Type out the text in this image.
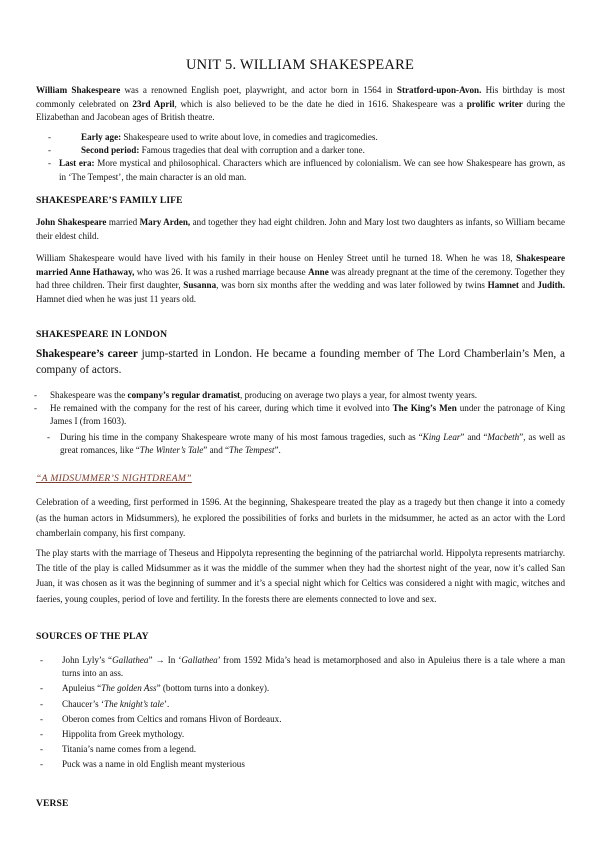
UNIT 5. WILLIAM SHAKESPEARE
William Shakespeare was a renowned English poet, playwright, and actor born in 1564 in Stratford-upon-Avon. His birthday is most commonly celebrated on 23rd April, which is also believed to be the date he died in 1616. Shakespeare was a prolific writer during the Elizabethan and Jacobean ages of British theatre.
-	Early age: Shakespeare used to write about love, in comedies and tragicomedies.
-	Second period: Famous tragedies that deal with corruption and a darker tone.
- Last era: More mystical and philosophical. Characters which are influenced by colonialism. We can see how Shakespeare has grown, as in ‘The Tempest’, the main character is an old man.
SHAKESPEARE’S FAMILY LIFE
John Shakespeare married Mary Arden, and together they had eight children. John and Mary lost two daughters as infants, so William became their eldest child.
William Shakespeare would have lived with his family in their house on Henley Street until he turned 18. When he was 18, Shakespeare married Anne Hathaway, who was 26. It was a rushed marriage because Anne was already pregnant at the time of the ceremony. Together they had three children. Their first daughter, Susanna, was born six months after the wedding and was later followed by twins Hamnet and Judith. Hamnet died when he was just 11 years old.
SHAKESPEARE IN LONDON
Shakespeare’s career jump-started in London. He became a founding member of The Lord Chamberlain’s Men, a company of actors.
- Shakespeare was the company’s regular dramatist, producing on average two plays a year, for almost twenty years.
- He remained with the company for the rest of his career, during which time it evolved into The King’s Men under the patronage of King James I (from 1603).
- During his time in the company Shakespeare wrote many of his most famous tragedies, such as “King Lear” and “Macbeth”, as well as great romances, like “The Winter’s Tale” and “The Tempest”.
“A MIDSUMMER’S NIGHTDREAM”
Celebration of a weeding, first performed in 1596. At the beginning, Shakespeare treated the play as a tragedy but then change it into a comedy (as the human actors in Midsummers), he explored the possibilities of forks and burlets in the midsummer, he acted as an actor with the Lord chamberlain company, his first company.
The play starts with the marriage of Theseus and Hippolyta representing the beginning of the patriarchal world. Hippolyta represents matriarchy. The title of the play is called Midsummer as it was the middle of the summer when they had the shortest night of the year, now it’s called San Juan, it was chosen as it was the beginning of summer and it’s a special night which for Celtics was considered a night with magic, witches and faeries, young couples, period of love and fertility. In the forests there are elements connected to love and sex.
SOURCES OF THE PLAY
- John Lyly’s “Gallathea” → In ‘Gallathea’ from 1592 Mida’s head is metamorphosed and also in Apuleius there is a tale where a man turns into an ass.
- Apuleius “The golden Ass” (bottom turns into a donkey).
- Chaucer’s ‘The knight’s tale’.
- Oberon comes from Celtics and romans Hivon of Bordeaux.
- Hippolita from Greek mythology.
- Titania’s name comes from a legend.
- Puck was a name in old English meant mysterious
VERSE
